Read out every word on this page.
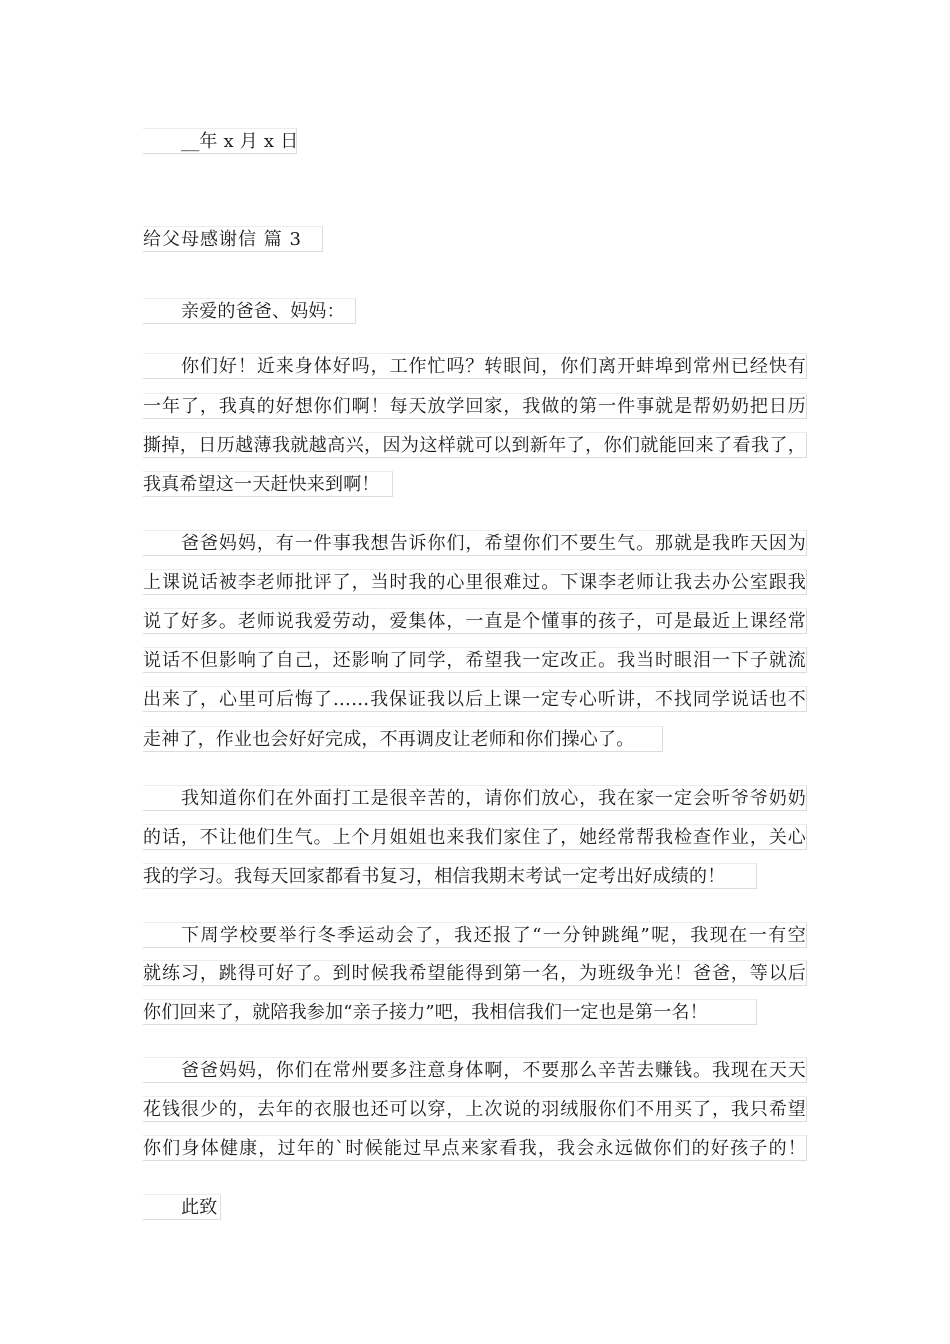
__年 x 月 x 日
给父母感谢信 篇 3
亲爱的爸爸、妈妈：
你们好！近来身体好吗，工作忙吗？转眼间，你们离开蚌埠到常州已经快有
一年了，我真的好想你们啊！每天放学回家，我做的第一件事就是帮奶奶把日历
撕掉，日历越薄我就越高兴，因为这样就可以到新年了，你们就能回来了看我了，
我真希望这一天赶快来到啊！
爸爸妈妈，有一件事我想告诉你们，希望你们不要生气。那就是我昨天因为
上课说话被李老师批评了，当时我的心里很难过。下课李老师让我去办公室跟我
说了好多。老师说我爱劳动，爱集体，一直是个懂事的孩子，可是最近上课经常
说话不但影响了自己，还影响了同学，希望我一定改正。我当时眼泪一下子就流
出来了，心里可后悔了……我保证我以后上课一定专心听讲，不找同学说话也不
走神了，作业也会好好完成，不再调皮让老师和你们操心了。
我知道你们在外面打工是很辛苦的，请你们放心，我在家一定会听爷爷奶奶
的话，不让他们生气。上个月姐姐也来我们家住了，她经常帮我检查作业，关心
我的学习。我每天回家都看书复习，相信我期末考试一定考出好成绩的！
下周学校要举行冬季运动会了，我还报了“一分钟跳绳”呢，我现在一有空
就练习，跳得可好了。到时候我希望能得到第一名，为班级争光！爸爸，等以后
你们回来了，就陪我参加“亲子接力”吧，我相信我们一定也是第一名！
爸爸妈妈，你们在常州要多注意身体啊，不要那么辛苦去赚钱。我现在天天
花钱很少的，去年的衣服也还可以穿，上次说的羽绒服你们不用买了，我只希望
你们身体健康，过年的`时候能过早点来家看我，我会永远做你们的好孩子的！
此致
